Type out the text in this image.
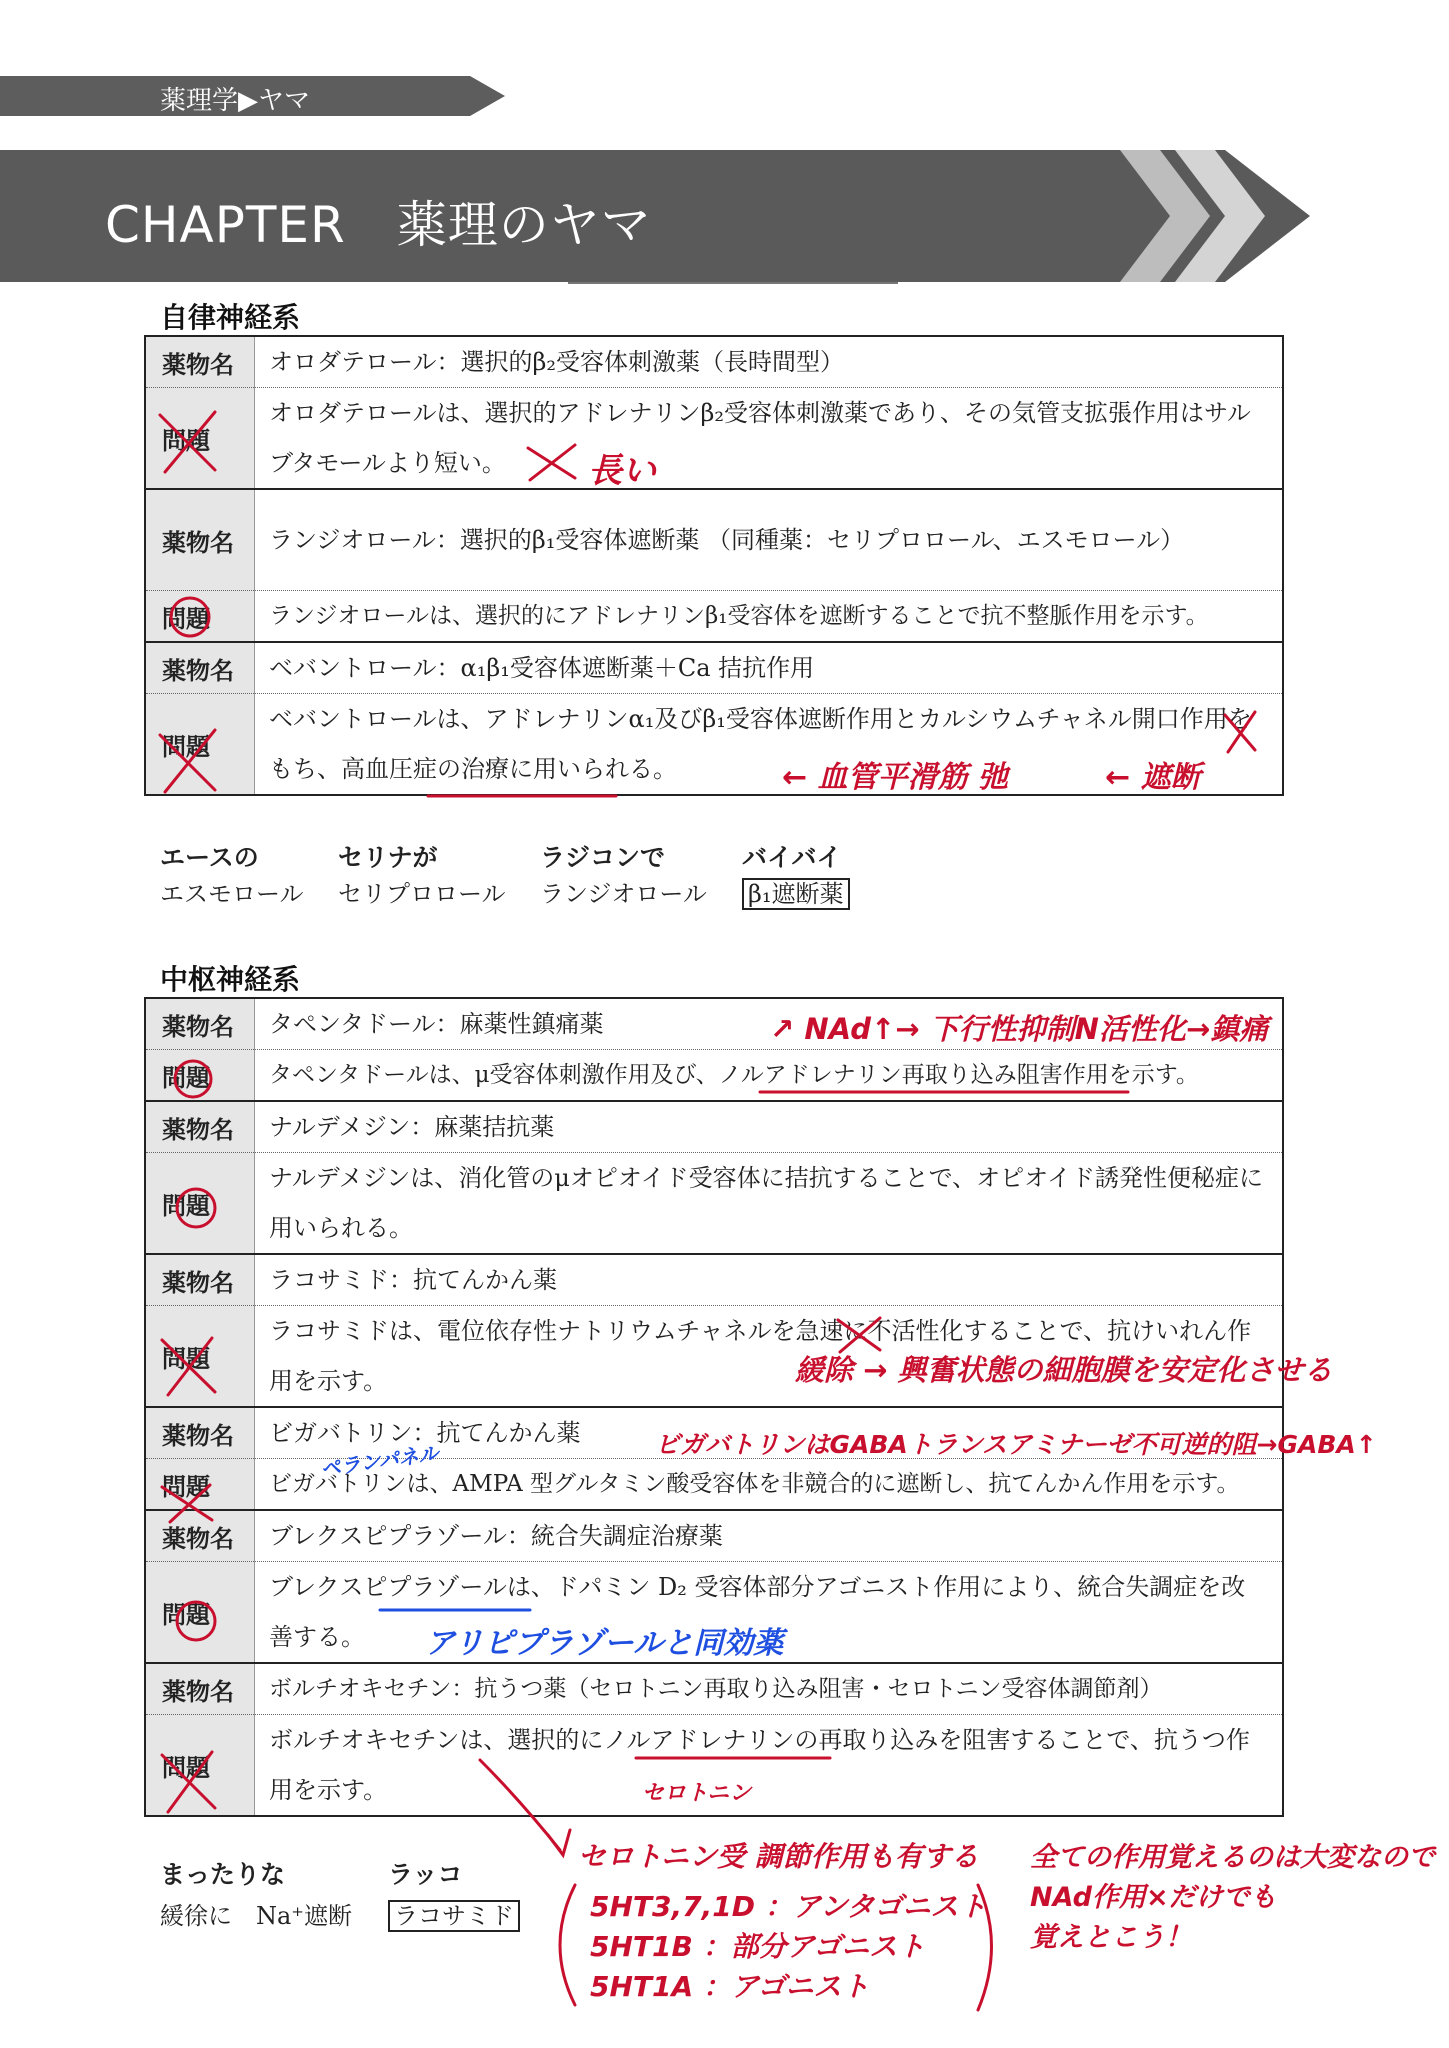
薬理学▶ヤマ
CHAPTER　薬理のヤマ
自律神経系
薬物名	オロダテロール：選択的β₂受容体刺激薬（長時間型）
問題	オロダテロールは、選択的アドレナリンβ₂受容体刺激薬であり、その気管支拡張作用はサルブタモールより短い。
薬物名	ランジオロール：選択的β₁受容体遮断薬 （同種薬：セリプロロール、エスモロール）
問題	ランジオロールは、選択的にアドレナリンβ₁受容体を遮断することで抗不整脈作用を示す。
薬物名	ベバントロール：α₁β₁受容体遮断薬＋Ca 拮抗作用
問題	ベバントロールは、アドレナリンα₁及びβ₁受容体遮断作用とカルシウムチャネル開口作用をもち、高血圧症の治療に用いられる。
エースの	セリナが	ラジコンで	バイバイ
エスモロール セリプロロール ランジオロール β₁遮断薬
中枢神経系
薬物名	タペンタドール：麻薬性鎮痛薬
問題	タペンタドールは、μ受容体刺激作用及び、ノルアドレナリン再取り込み阻害作用を示す。
薬物名	ナルデメジン：麻薬拮抗薬
問題	ナルデメジンは、消化管のμオピオイド受容体に拮抗することで、オピオイド誘発性便秘症に用いられる。
薬物名	ラコサミド：抗てんかん薬
問題	ラコサミドは、電位依存性ナトリウムチャネルを急速に不活性化することで、抗けいれん作用を示す。
薬物名	ビガバトリン：抗てんかん薬
問題	ビガバトリンは、AMPA 型グルタミン酸受容体を非競合的に遮断し、抗てんかん作用を示す。
薬物名	ブレクスピプラゾール：統合失調症治療薬
問題	ブレクスピプラゾールは、ドパミン D₂ 受容体部分アゴニスト作用により、統合失調症を改善する。
薬物名	ボルチオキセチン：抗うつ薬（セロトニン再取り込み阻害・セロトニン受容体調節剤）
問題	ボルチオキセチンは、選択的にノルアドレナリンの再取り込みを阻害することで、抗うつ作用を示す。
まったりな	ラッコ
緩徐に　Na⁺遮断 ラコサミド
長い
← 血管平滑筋 弛	← 遮断
↗ NAd↑→ 下行性抑制N活性化→鎮痛
緩除 → 興奮状態の細胞膜を安定化させる
ビガバトリンはGABAトランスアミナーゼ不可逆的阻→GABA↑
ペランパネル
アリピプラゾールと同効薬
セロトニン
セロトニン受 調節作用も有する
5HT3,7,1D ：アンタゴニスト
5HT1B ：部分アゴニスト
5HT1A ：アゴニスト
全ての作用覚えるのは大変なので
NAd作用×だけでも
覚えとこう！
